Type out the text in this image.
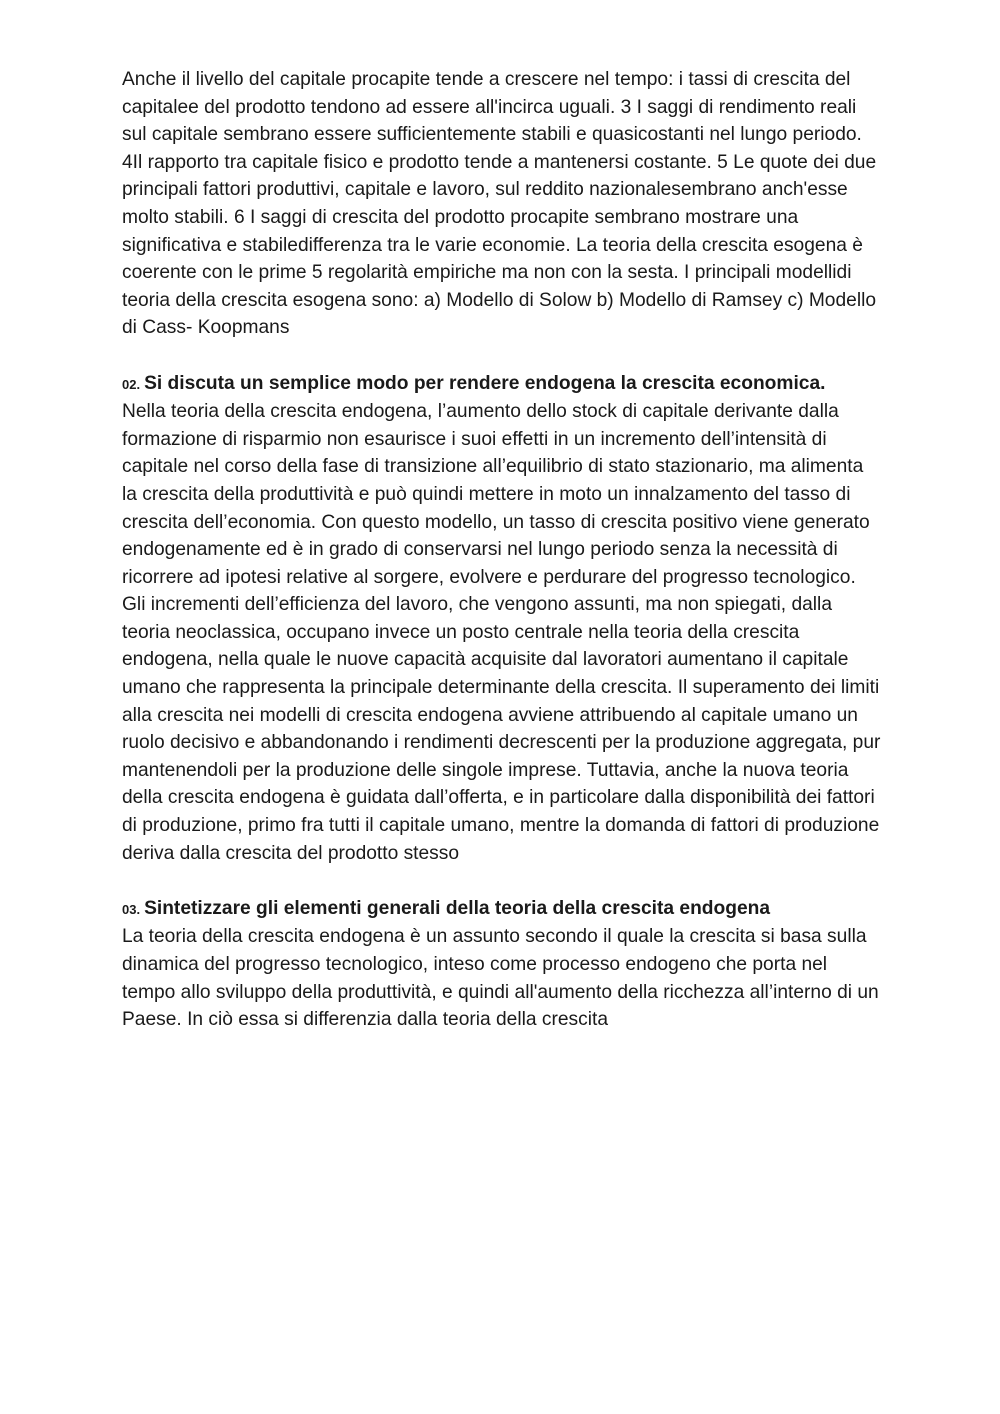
Anche il livello del capitale procapite tende a crescere nel tempo: i tassi di crescita del capitalee del prodotto tendono ad essere all'incirca uguali. 3 I saggi di rendimento reali sul capitale sembrano essere sufficientemente stabili e quasicostanti nel lungo periodo. 4Il rapporto tra capitale fisico e prodotto tende a mantenersi costante. 5 Le quote dei due principali fattori produttivi, capitale e lavoro, sul reddito nazionalesembrano anch'esse molto stabili. 6 I saggi di crescita del prodotto procapite sembrano mostrare una significativa e stabiledifferenza tra le varie economie. La teoria della crescita esogena è coerente con le prime 5 regolarità empiriche ma non con la sesta. I principali modellidi teoria della crescita esogena sono: a) Modello di Solow b) Modello di Ramsey c) Modello di Cass- Koopmans

02. Si discuta un semplice modo per rendere endogena la crescita economica.

Nella teoria della crescita endogena, l’aumento dello stock di capitale derivante dalla formazione di risparmio non esaurisce i suoi effetti in un incremento dell’intensità di capitale nel corso della fase di transizione all’equilibrio di stato stazionario, ma alimenta la crescita della produttività e può quindi mettere in moto un innalzamento del tasso di crescita dell’economia. Con questo modello, un tasso di crescita positivo viene generato endogenamente ed è in grado di conservarsi nel lungo periodo senza la necessità di ricorrere ad ipotesi relative al sorgere, evolvere e perdurare del progresso tecnologico. Gli incrementi dell’efficienza del lavoro, che vengono assunti, ma non spiegati, dalla teoria neoclassica, occupano invece un posto centrale nella teoria della crescita endogena, nella quale le nuove capacità acquisite dal lavoratori aumentano il capitale umano che rappresenta la principale determinante della crescita. Il superamento dei limiti alla crescita nei modelli di crescita endogena avviene attribuendo al capitale umano un ruolo decisivo e abbandonando i rendimenti decrescenti per la produzione aggregata, pur mantenendoli per la produzione delle singole imprese. Tuttavia, anche la nuova teoria della crescita endogena è guidata dall’offerta, e in particolare dalla disponibilità dei fattori di produzione, primo fra tutti il capitale umano, mentre la domanda di fattori di produzione deriva dalla crescita del prodotto stesso

03. Sintetizzare gli elementi generali della teoria della crescita endogena

La teoria della crescita endogena è un assunto secondo il quale la crescita si basa sulla dinamica del progresso tecnologico, inteso come processo endogeno che porta nel tempo allo sviluppo della produttività, e quindi all'aumento della ricchezza all’interno di un Paese. In ciò essa si differenzia dalla teoria della crescita
